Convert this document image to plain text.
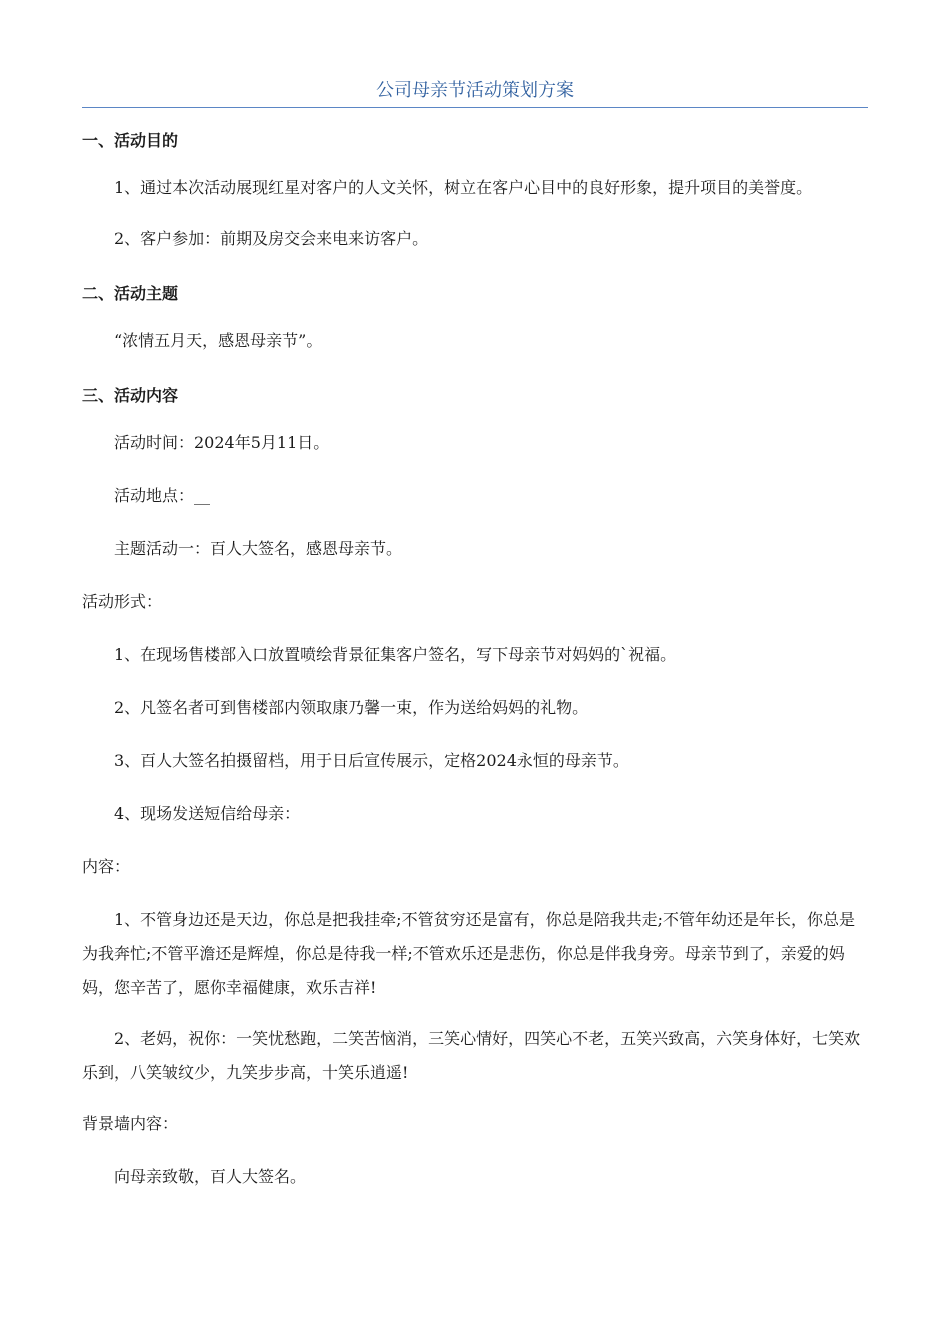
公司母亲节活动策划方案
一、活动目的

1、通过本次活动展现红星对客户的人文关怀，树立在客户心目中的良好形象，提升项目的美誉度。

2、客户参加：前期及房交会来电来访客户。

二、活动主题

“浓情五月天，感恩母亲节”。

三、活动内容

活动时间：2024年5月11日。

活动地点：__

主题活动一：百人大签名，感恩母亲节。

活动形式：

1、在现场售楼部入口放置喷绘背景征集客户签名，写下母亲节对妈妈的`祝福。

2、凡签名者可到售楼部内领取康乃馨一束，作为送给妈妈的礼物。

3、百人大签名拍摄留档，用于日后宣传展示，定格2024永恒的母亲节。

4、现场发送短信给母亲：

内容：

1、不管身边还是天边，你总是把我挂牵;不管贫穷还是富有，你总是陪我共走;不管年幼还是年长，你总是为我奔忙;不管平澹还是辉煌，你总是待我一样;不管欢乐还是悲伤，你总是伴我身旁。母亲节到了，亲爱的妈妈，您辛苦了，愿你幸福健康，欢乐吉祥!

2、老妈，祝你：一笑忧愁跑，二笑苦恼消，三笑心情好，四笑心不老，五笑兴致高，六笑身体好，七笑欢乐到，八笑皱纹少，九笑步步高，十笑乐逍遥!

背景墙内容：

向母亲致敬，百人大签名。
